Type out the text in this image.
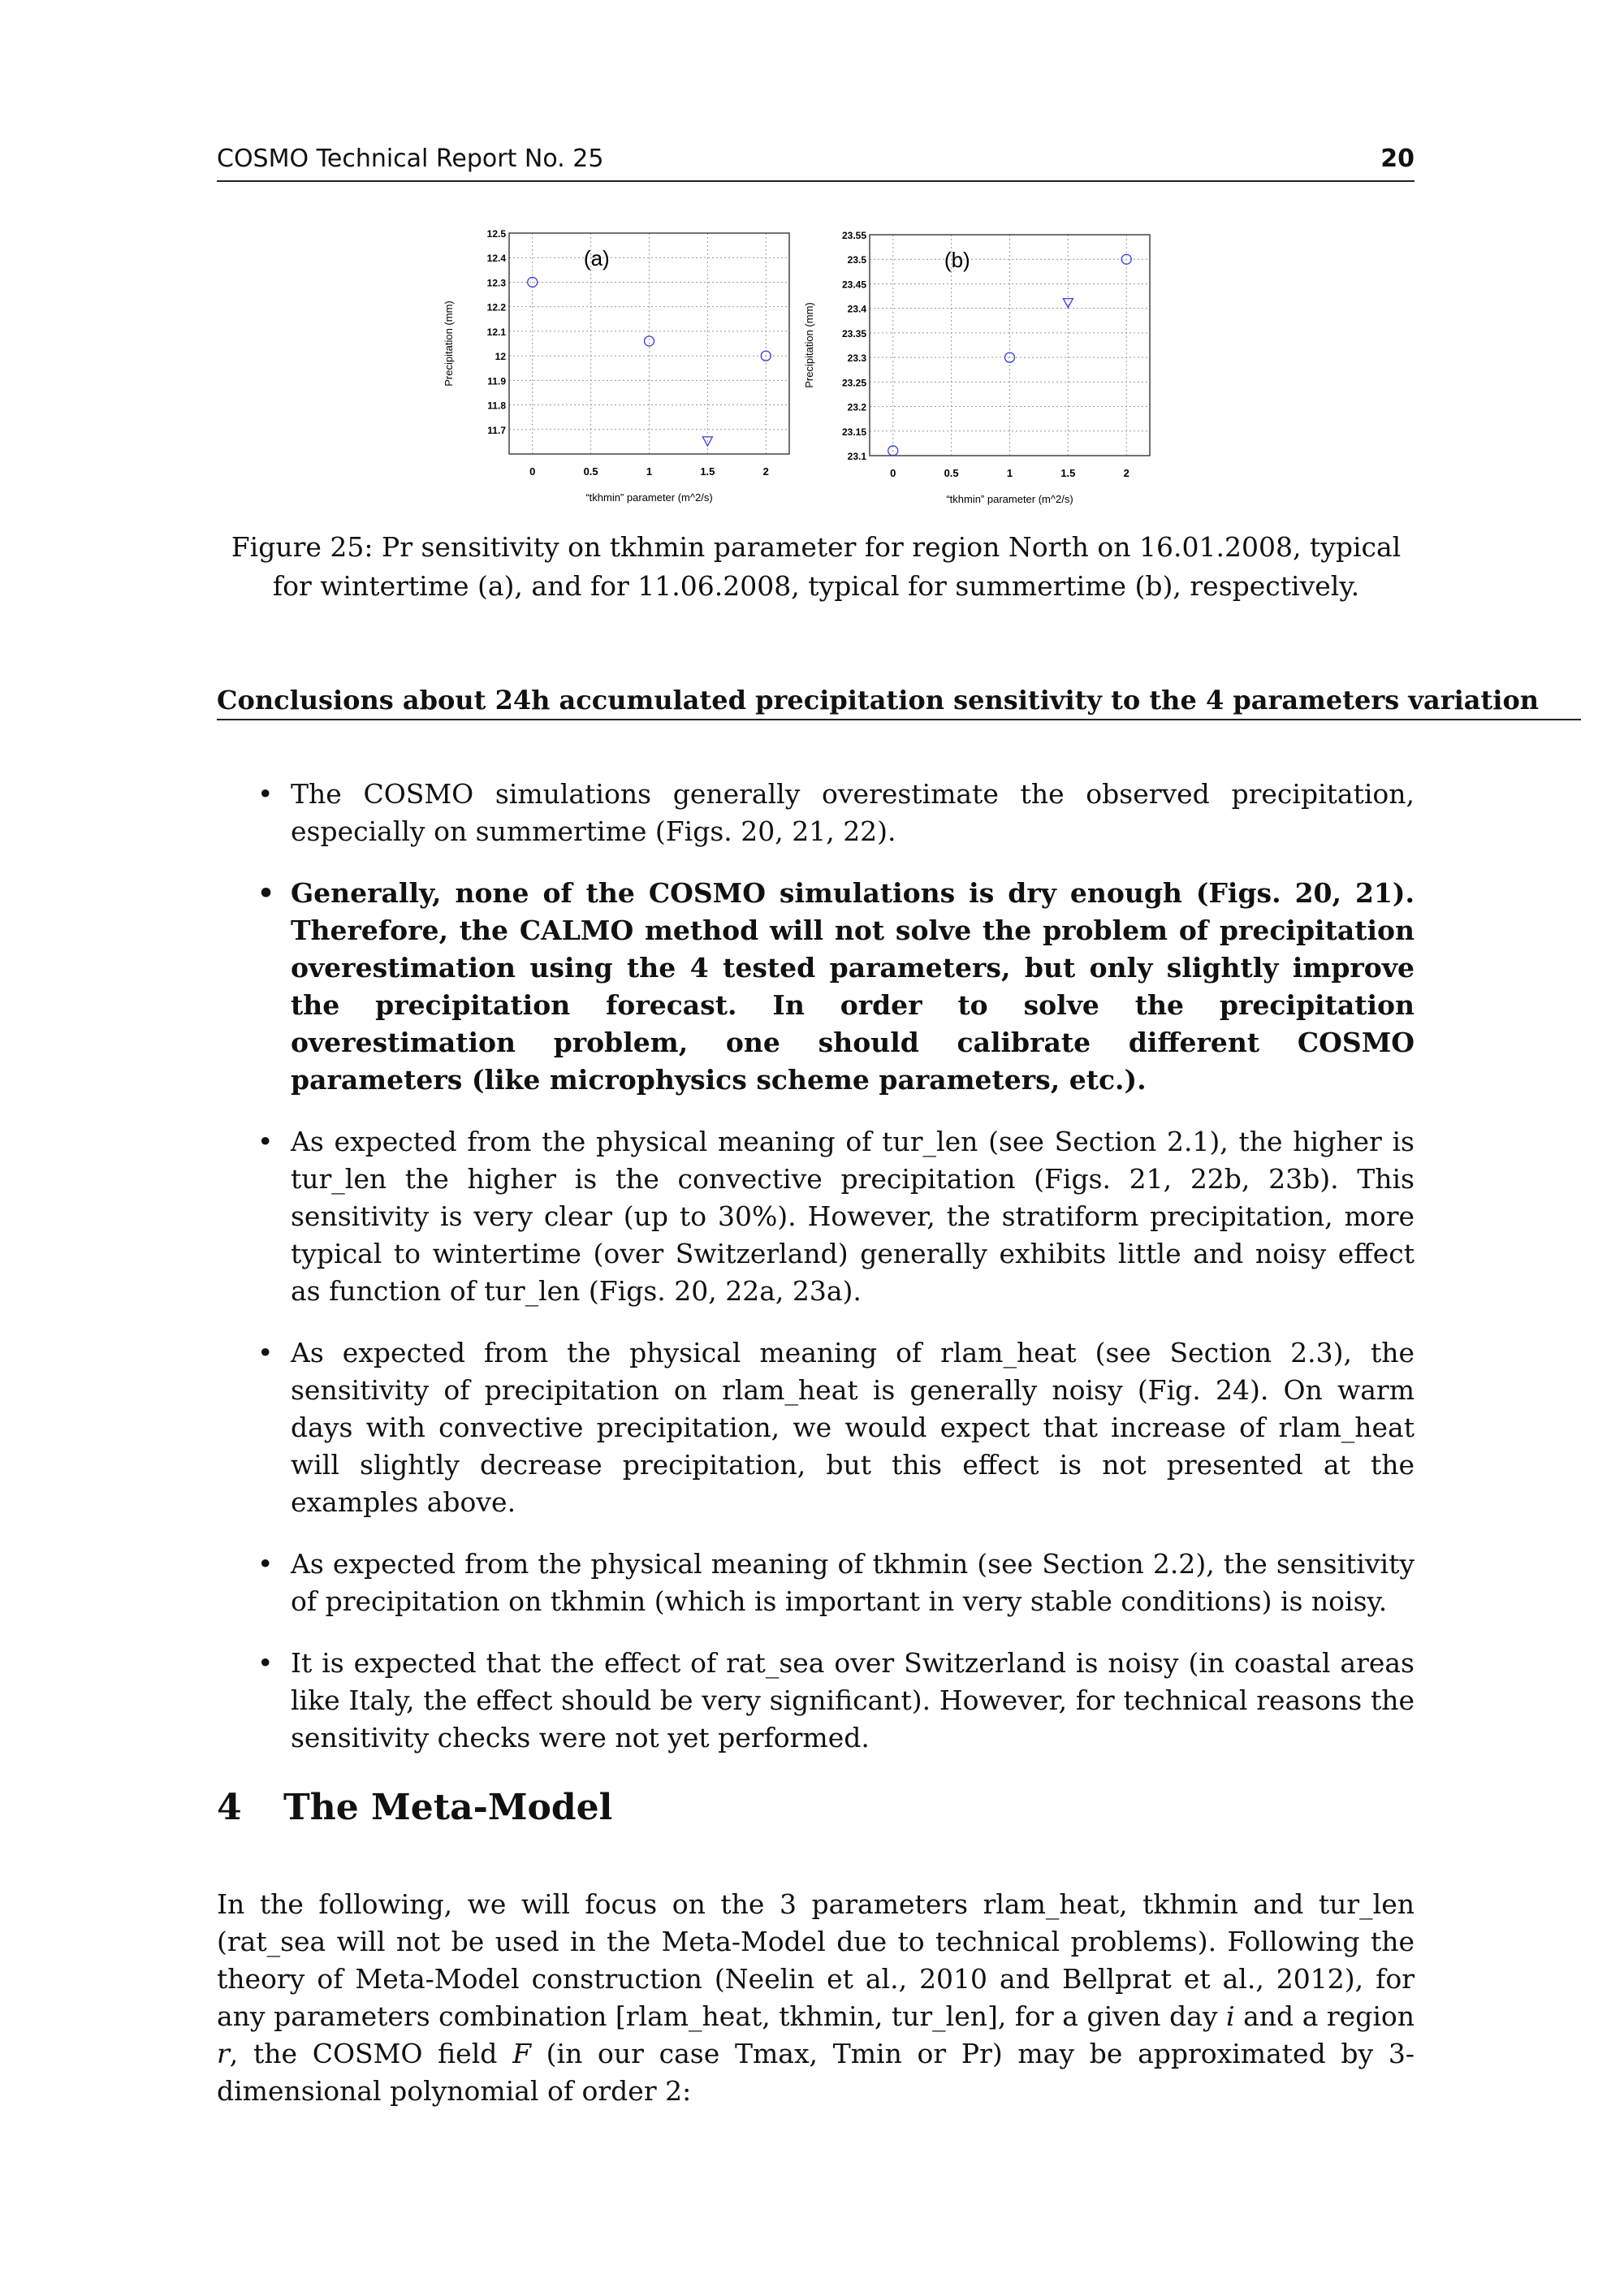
COSMO Technical Report No. 25	20
0	0.5	1	1.5	2
11.7
11.8
11.9
12
12.1
12.2
12.3
12.4
12.5
“tkhmin” parameter (m^2/s)
Precipitation (mm)
(a)
0	0.5	1	1.5	2
23.1
23.15
23.2
23.25
23.3
23.35
23.4
23.45
23.5
23.55
“tkhmin” parameter (m^2/s)
Precipitation (mm)
(b)
Figure 25: Pr sensitivity on tkhmin parameter for region North on 16.01.2008, typical for wintertime (a), and for 11.06.2008, typical for summertime (b), respectively.
Conclusions about 24h accumulated precipitation sensitivity to the 4 parameters variation
• The COSMO simulations generally overestimate the observed precipitation, especially on summertime (Figs. 20, 21, 22).
• Generally, none of the COSMO simulations is dry enough (Figs. 20, 21). Therefore, the CALMO method will not solve the problem of precipitation overestimation using the 4 tested parameters, but only slightly improve the precipitation forecast. In order to solve the precipitation overestimation problem, one should calibrate different COSMO parameters (like microphysics scheme parameters, etc.).
• As expected from the physical meaning of tur_len (see Section 2.1), the higher is tur_len the higher is the convective precipitation (Figs. 21, 22b, 23b). This sensitivity is very clear (up to 30%). However, the stratiform precipitation, more typical to wintertime (over Switzerland) generally exhibits little and noisy effect as function of tur_len (Figs. 20, 22a, 23a).
• As expected from the physical meaning of rlam_heat (see Section 2.3), the sensitivity of precipitation on rlam_heat is generally noisy (Fig. 24). On warm days with convective precipitation, we would expect that increase of rlam_heat will slightly decrease precipitation, but this effect is not presented at the examples above.
• As expected from the physical meaning of tkhmin (see Section 2.2), the sensitivity of precipitation on tkhmin (which is important in very stable conditions) is noisy.
• It is expected that the effect of rat_sea over Switzerland is noisy (in coastal areas like Italy, the effect should be very significant). However, for technical reasons the sensitivity checks were not yet performed.
4 The Meta-Model
In the following, we will focus on the 3 parameters rlam_heat, tkhmin and tur_len (rat_sea will not be used in the Meta-Model due to technical problems). Following the theory of Meta-Model construction (Neelin et al., 2010 and Bellprat et al., 2012), for any parameters combination [rlam_heat, tkhmin, tur_len], for a given day i and a region r, the COSMO field F (in our case Tmax, Tmin or Pr) may be approximated by 3-dimensional polynomial of order 2:
